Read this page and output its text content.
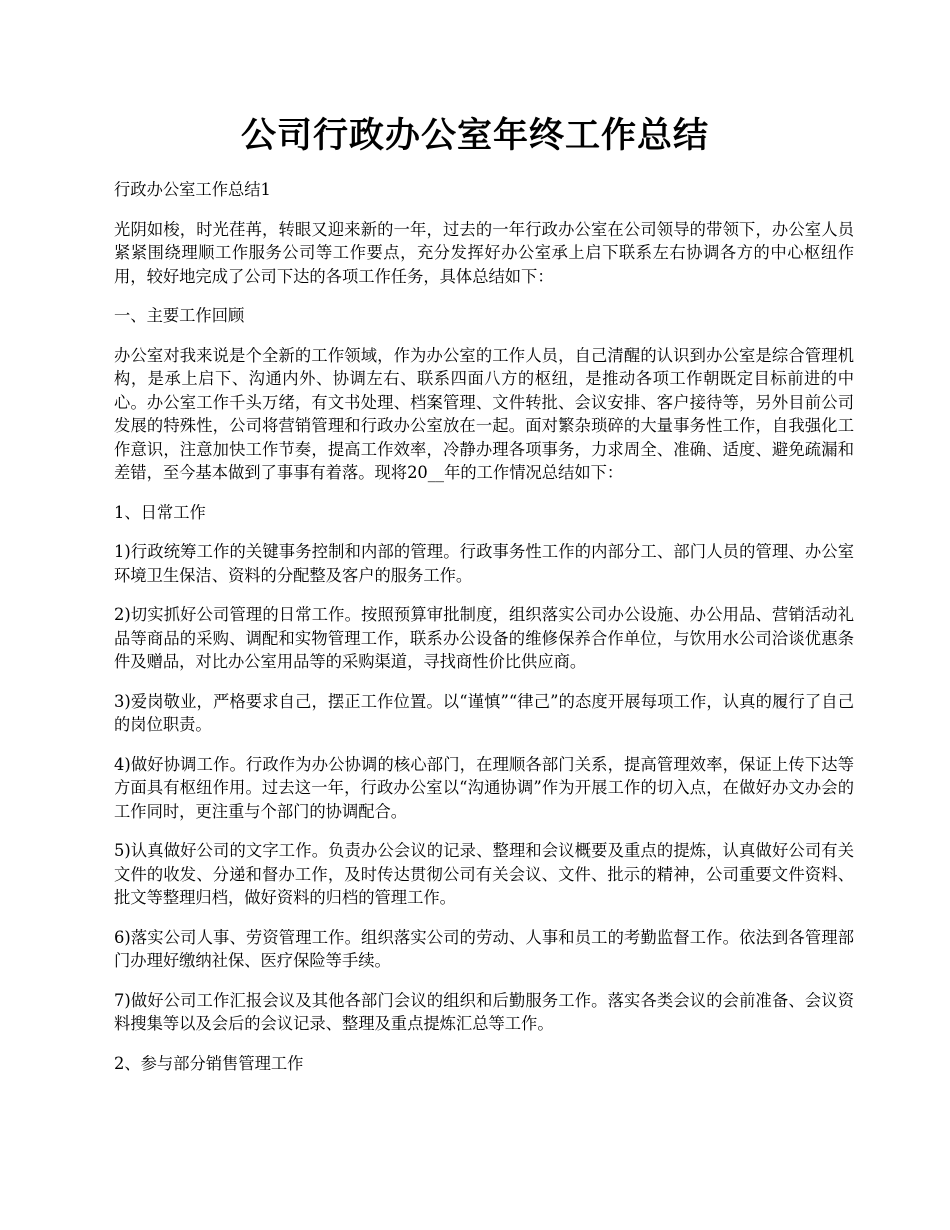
公司行政办公室年终工作总结

行政办公室工作总结1

光阴如梭，时光荏苒，转眼又迎来新的一年，过去的一年行政办公室在公司领导的带领下，办公室人员紧紧围绕理顺工作服务公司等工作要点，充分发挥好办公室承上启下联系左右协调各方的中心枢纽作用，较好地完成了公司下达的各项工作任务，具体总结如下：

一、主要工作回顾

办公室对我来说是个全新的工作领域，作为办公室的工作人员，自己清醒的认识到办公室是综合管理机构，是承上启下、沟通内外、协调左右、联系四面八方的枢纽，是推动各项工作朝既定目标前进的中心。办公室工作千头万绪，有文书处理、档案管理、文件转批、会议安排、客户接待等，另外目前公司发展的特殊性，公司将营销管理和行政办公室放在一起。面对繁杂琐碎的大量事务性工作，自我强化工作意识，注意加快工作节奏，提高工作效率，冷静办理各项事务，力求周全、准确、适度、避免疏漏和差错，至今基本做到了事事有着落。现将20__年的工作情况总结如下：

1、日常工作

1)行政统筹工作的关键事务控制和内部的管理。行政事务性工作的内部分工、部门人员的管理、办公室环境卫生保洁、资料的分配整及客户的服务工作。

2)切实抓好公司管理的日常工作。按照预算审批制度，组织落实公司办公设施、办公用品、营销活动礼品等商品的采购、调配和实物管理工作，联系办公设备的维修保养合作单位，与饮用水公司洽谈优惠条件及赠品，对比办公室用品等的采购渠道，寻找商性价比供应商。

3)爱岗敬业，严格要求自己，摆正工作位置。以“谨慎”“律己”的态度开展每项工作，认真的履行了自己的岗位职责。

4)做好协调工作。行政作为办公协调的核心部门，在理顺各部门关系，提高管理效率，保证上传下达等方面具有枢纽作用。过去这一年，行政办公室以“沟通协调”作为开展工作的切入点，在做好办文办会的工作同时，更注重与个部门的协调配合。

5)认真做好公司的文字工作。负责办公会议的记录、整理和会议概要及重点的提炼，认真做好公司有关文件的收发、分递和督办工作，及时传达贯彻公司有关会议、文件、批示的精神，公司重要文件资料、批文等整理归档，做好资料的归档的管理工作。

6)落实公司人事、劳资管理工作。组织落实公司的劳动、人事和员工的考勤监督工作。依法到各管理部门办理好缴纳社保、医疗保险等手续。

7)做好公司工作汇报会议及其他各部门会议的组织和后勤服务工作。落实各类会议的会前准备、会议资料搜集等以及会后的会议记录、整理及重点提炼汇总等工作。

2、参与部分销售管理工作
